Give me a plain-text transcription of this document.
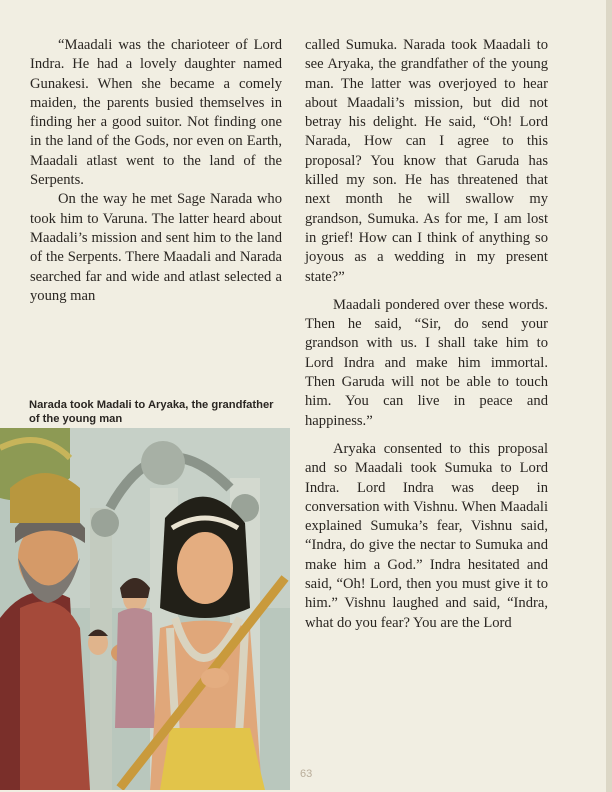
“Maadali was the charioteer of Lord Indra. He had a lovely daughter named Gunakesi. When she became a comely maiden, the parents busied themselves in finding her a good suitor. Not finding one in the land of the Gods, nor even on Earth, Maadali atlast went to the land of the Serpents.

On the way he met Sage Narada who took him to Varuna. The latter heard about Maadali’s mission and sent him to the land of the Serpents. There Maadali and Narada searched far and wide and atlast selected a young man

Narada took Madali to Aryaka, the grandfather of the young man

called Sumuka. Narada took Maadali to see Aryaka, the grandfather of the young man. The latter was overjoyed to hear about Maadali’s mission, but did not betray his delight. He said, “Oh! Lord Narada, How can I agree to this proposal? You know that Garuda has killed my son. He has threatened that next month he will swallow my grandson, Sumuka. As for me, I am lost in grief! How can I think of anything so joyous as a wedding in my present state?”

Maadali pondered over these words. Then he said, “Sir, do send your grandson with us. I shall take him to Lord Indra and make him immortal. Then Garuda will not be able to touch him. You can live in peace and happiness.”

Aryaka consented to this proposal and so Maadali took Sumuka to Lord Indra. Lord Indra was deep in conversation with Vishnu. When Maadali explained Sumuka’s fear, Vishnu said, “Indra, do give the nectar to Sumuka and make him a God.” Indra hesitated and said, “Oh! Lord, then you must give it to him.” Vishnu laughed and said, “Indra, what do you fear? You are the Lord

63
